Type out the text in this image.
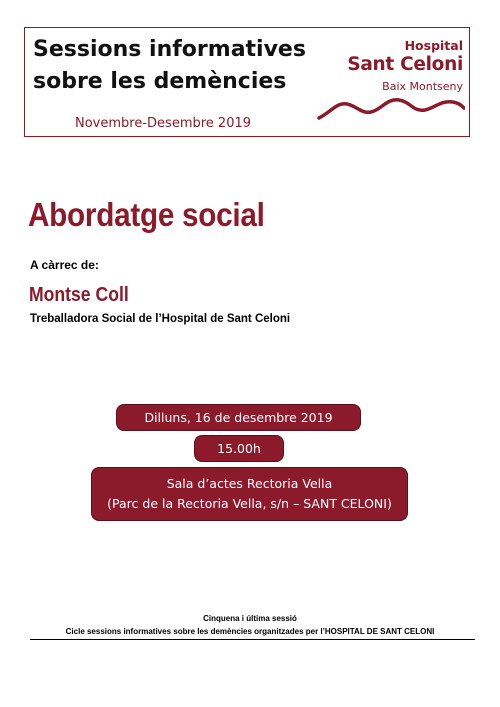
Sessions informatives
sobre les demències
Novembre-Desembre 2019
Hospital
Sant Celoni
Baix Montseny
Abordatge social
A càrrec de:
Montse Coll
Treballadora Social de l’Hospital de Sant Celoni
Dilluns, 16 de desembre 2019
15.00h
Sala d’actes Rectoria Vella
(Parc de la Rectoria Vella, s/n – SANT CELONI)
Cinquena i última sessió
Cicle sessions informatives sobre les demències organitzades per l’HOSPITAL DE SANT CELONI
